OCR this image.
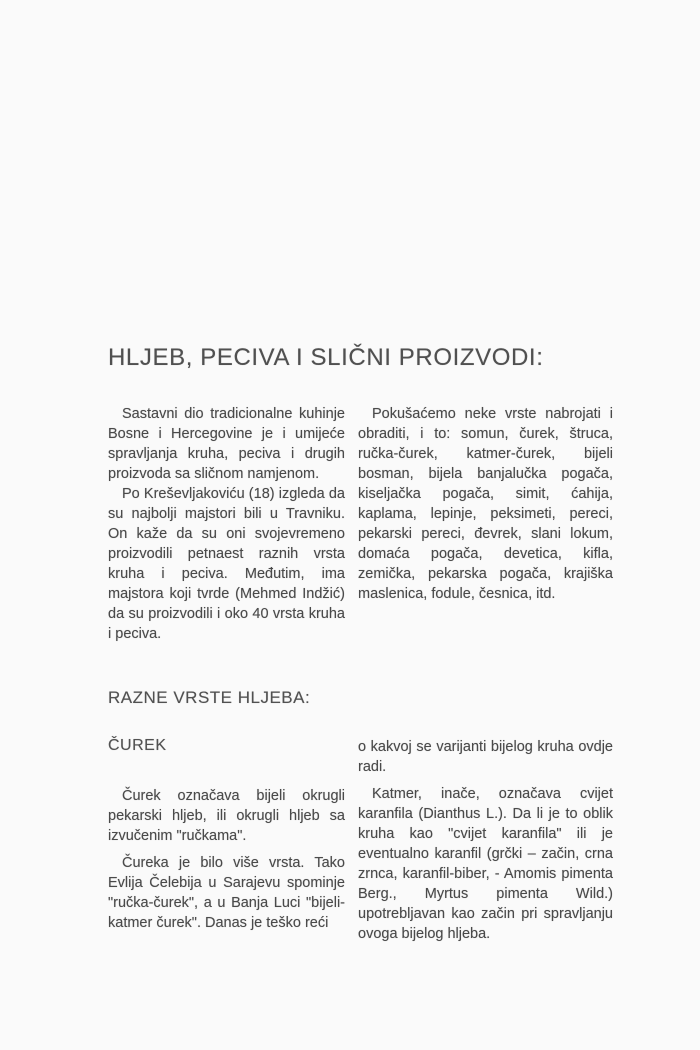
HLJEB, PECIVA I SLIČNI PROIZVODI:

Sastavni dio tradicionalne kuhinje Bosne i Hercegovine je i umijeće spravljanja kruha, peciva i drugih proizvoda sa sličnom namjenom.

Po Kreševljakoviću (18) izgleda da su najbolji majstori bili u Travniku. On kaže da su oni svojevremeno proizvodili petnaest raznih vrsta kruha i peciva. Međutim, ima majstora koji tvrde (Mehmed Indžić) da su proizvodili i oko 40 vrsta kruha i peciva.

Pokušaćemo neke vrste nabrojati i obraditi, i to: somun, čurek, štruca, ručka-čurek, katmer-čurek, bijeli bosman, bijela banjalučka pogača, kiseljačka pogača, simit, ćahija, kaplama, lepinje, peksimeti, pereci, pekarski pereci, đevrek, slani lokum, domaća pogača, devetica, kifla, zemička, pekarska pogača, krajiška maslenica, fodule, česnica, itd.

RAZNE VRSTE HLJEBA:
ČUREK

Čurek označava bijeli okrugli pekarski hljeb, ili okrugli hljeb sa izvučenim "ručkama".

Čureka je bilo više vrsta. Tako Evlija Čelebija u Sarajevu spominje "ručka-čurek", a u Banja Luci "bijeli-katmer čurek". Danas je teško reći

o kakvoj se varijanti bijelog kruha ovdje radi.

Katmer, inače, označava cvijet karanfila (Dianthus L.). Da li je to oblik kruha kao "cvijet karanfila" ili je eventualno karanfil (grčki – začin, crna zrnca, karanfil-biber, - Amomis pimenta Berg., Myrtus pimenta Wild.) upotrebljavan kao začin pri spravljanju ovoga bijelog hljeba.
